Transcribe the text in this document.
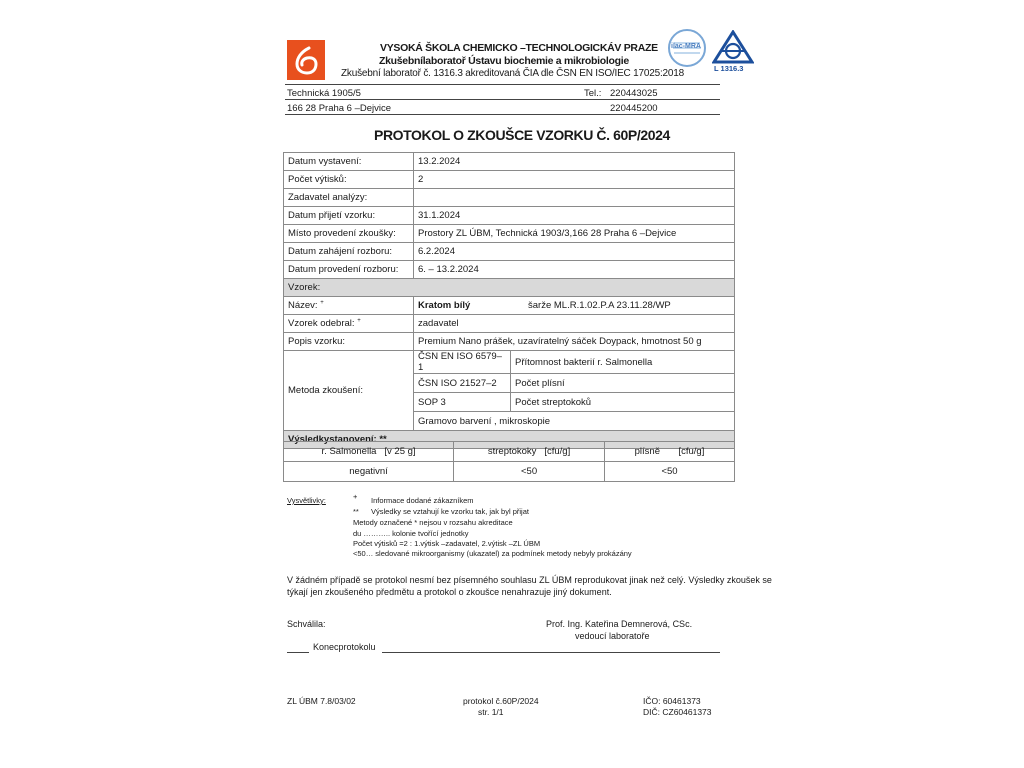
VYSOKÁ ŠKOLA CHEMICKO –TECHNOLOGICKÁV PRAZE
Zkušebnílaboratoř Ústavu biochemie a mikrobiologie
Zkušební laboratoř č. 1316.3 akreditovaná ČIA dle ČSN EN ISO/IEC 17025:2018
ilac-MRA
L 1316.3
Technická 1905/5
166 28 Praha 6 –Dejvice
Tel.: 220443025
220445200
PROTOKOL O ZKOUŠCE VZORKU Č. 60P/2024
Datum vystavení:	13.2.2024
Počet výtisků:	2
Zadavatel analýzy:	
Datum přijetí vzorku:	31.1.2024
Místo provedení zkoušky:	Prostory ZL ÚBM, Technická 1903/3,166 28 Praha 6 –Dejvice
Datum zahájení rozboru:	6.2.2024
Datum provedení rozboru:	6. – 13.2.2024
Vzorek:
Název: +	Kratom bílý	šarže ML.R.1.02.P.A 23.11.28/WP
Vzorek odebral: +	zadavatel
Popis vzorku:	Premium Nano prášek, uzavíratelný sáček Doypack, hmotnost 50 g
Metoda zkoušení:	
ČSN EN ISO 6579–1	Přítomnost bakterií r. Salmonella
ČSN ISO 21527–2	Počet plísní
SOP 3	Počet streptokoků
Gramovo barvení , mikroskopie

Výsledkystanovení: **
r. Salmonella [v 25 g]	streptokoky [cfu/g]	plísně [cfu/g]
negativní	<50	<50
Vysvětlivky:	+ Informace dodané zákazníkem
** Výsledky se vztahují ke vzorku tak, jak byl přijat
Metody označené * nejsou v rozsahu akreditace
du ……….. kolonie tvořící jednotky
Počet výtisků =2 : 1.výtisk –zadavatel, 2.výtisk –ZL ÚBM
<50… sledované mikroorganismy (ukazatel) za podmínek metody nebyly prokázány
V žádném případě se protokol nesmí bez písemného souhlasu ZL ÚBM reprodukovat jinak než celý. Výsledky zkoušek se
týkají jen zkoušeného předmětu a protokol o zkoušce nenahrazuje jiný dokument.
Schválila:	Prof. Ing. Kateřina Demnerová, CSc.
vedoucí laboratoře
Konecprotokolu
ZL ÚBM 7.8/03/02	protokol č.60P/2024
str. 1/1
IČO: 60461373
DIČ: CZ60461373
